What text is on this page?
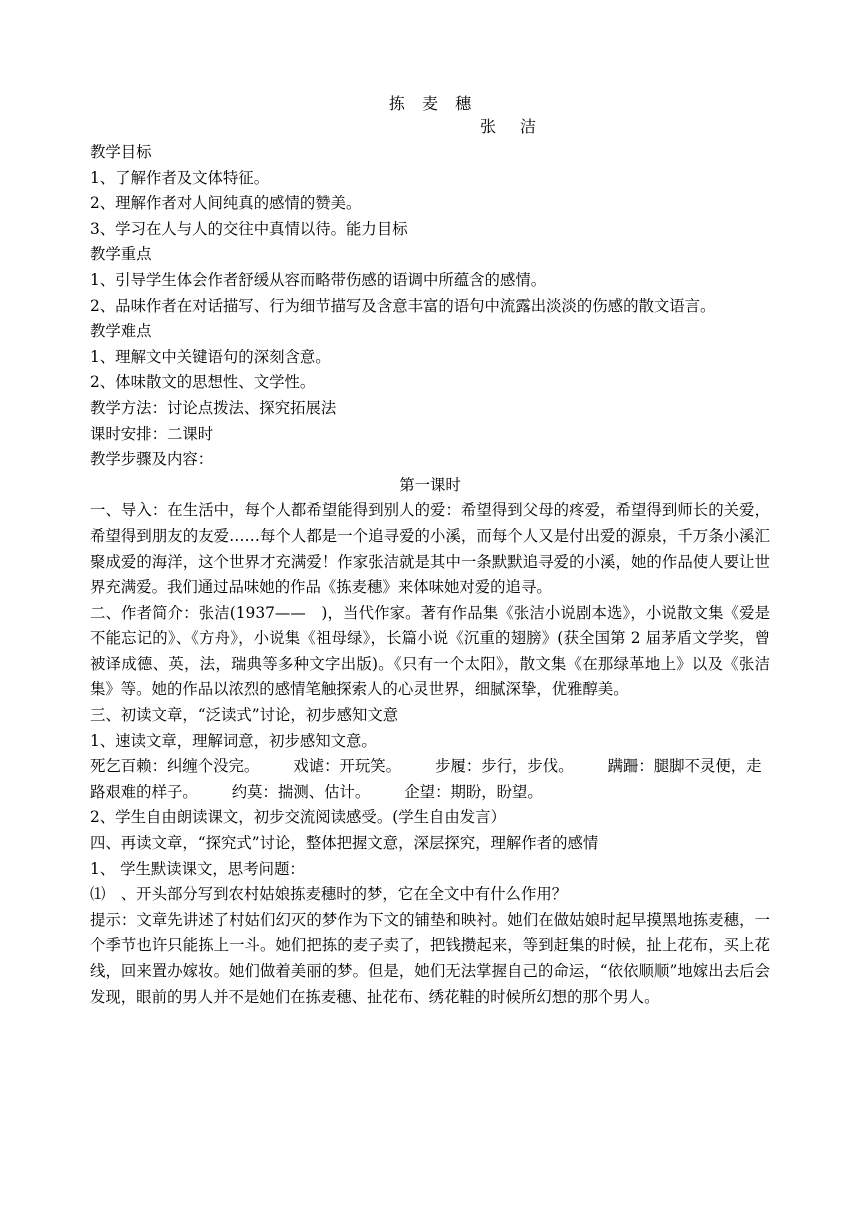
拣 麦 穗

张　洁

教学目标

1、了解作者及文体特征。

2、理解作者对人间纯真的感情的赞美。

3、学习在人与人的交往中真情以待。能力目标

教学重点

1、引导学生体会作者舒缓从容而略带伤感的语调中所蕴含的感情。

2、品味作者在对话描写、行为细节描写及含意丰富的语句中流露出淡淡的伤感的散文语言。

教学难点

1、理解文中关键语句的深刻含意。

2、体味散文的思想性、文学性。

教学方法：讨论点拨法、探究拓展法

课时安排：二课时

教学步骤及内容：

第一课时

一、导入：在生活中，每个人都希望能得到别人的爱：希望得到父母的疼爱，希望得到师长的关爱，希望得到朋友的友爱……每个人都是一个追寻爱的小溪，而每个人又是付出爱的源泉，千万条小溪汇聚成爱的海洋，这个世界才充满爱！作家张洁就是其中一条默默追寻爱的小溪，她的作品使人要让世界充满爱。我们通过品味她的作品《拣麦穗》来体味她对爱的追寻。

二、作者简介：张洁(1937——　)，当代作家。著有作品集《张洁小说剧本选》，小说散文集《爱是不能忘记的》、《方舟》，小说集《祖母绿》，长篇小说《沉重的翅膀》(获全国第 2 届茅盾文学奖，曾被译成德、英，法，瑞典等多种文字出版)。《只有一个太阳》，散文集《在那绿革地上》以及《张洁集》等。她的作品以浓烈的感情笔触探索人的心灵世界，细腻深挚，优雅醇美。

三、初读文章，“泛读式”讨论，初步感知文意

1、速读文章，理解词意，初步感知文意。

死乞百赖：纠缠个没完。 戏谑：开玩笑。 步履：步行，步伐。 蹒跚：腿脚不灵便，走路艰难的样子。 约莫：揣测、估计。 企望：期盼，盼望。

2、学生自由朗读课文，初步交流阅读感受。(学生自由发言）

四、再读文章，“探究式”讨论，整体把握文意，深层探究，理解作者的感情

1、 学生默读课文，思考问题：

⑴　、开头部分写到农村姑娘拣麦穗时的梦，它在全文中有什么作用？

提示：文章先讲述了村姑们幻灭的梦作为下文的铺垫和映衬。她们在做姑娘时起早摸黑地拣麦穗，一个季节也许只能拣上一斗。她们把拣的麦子卖了，把钱攒起来，等到赶集的时候，扯上花布，买上花线，回来置办嫁妆。她们做着美丽的梦。但是，她们无法掌握自己的命运，“依依顺顺”地嫁出去后会发现，眼前的男人并不是她们在拣麦穗、扯花布、绣花鞋的时候所幻想的那个男人。
